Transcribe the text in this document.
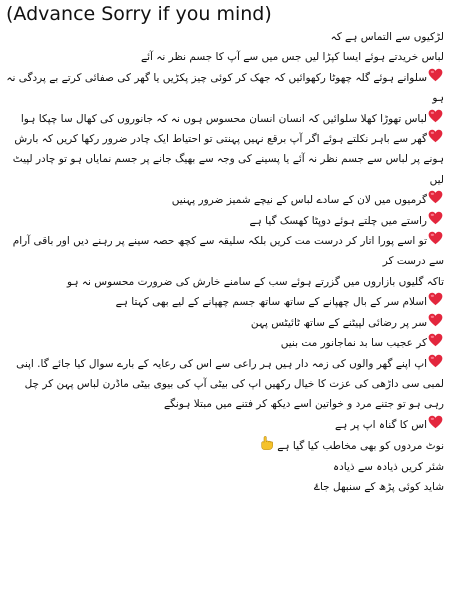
(Advance Sorry if you mind)
لڑکیوں سے التماس ہے کہ
لباس خریدتے ہوئے ایسا کپڑا لیں جس میں سے آپ کا جسم نظر نہ آئے
سلوانے ہوئے گلہ چھوٹا رکھوائیں کہ جھک کر کوئی چیز پکڑیں یا گھر کی صفائی کرتے بے پردگی نہ ہو
لباس تھوڑا کھلا سلوائیں کہ انسان انسان محسوس ہوں نہ کہ جانوروں کی کھال سا چپکا ہوا
گھر سے باہر نکلتے ہوئے اگر آپ برقع نہیں پہنتی تو احتیاط ایک چادر ضرور رکھا کریں کہ بارش ہونے پر لباس سے جسم نظر نہ آئے یا پسینے کی وجہ سے بھیگ جانے پر جسم نمایاں ہو تو چادر لپیٹ لیں
گرمیوں میں لان کے سادے لباس کے نیچے شمیز ضرور پہنیں
راستے میں چلتے ہوئے دوپٹا کھسک گیا ہے
تو اسے پورا اتار کر درست مت کریں بلکہ سلیقہ سے کچھ حصہ سینے پر رہنے دیں اور باقی آرام سے درست کر
تاکہ گلیوں بازاروں میں گزرتے ہوئے سب کے سامنے خارش کی ضرورت محسوس نہ ہو
اسلام سر کے بال چھپانے کے ساتھ ساتھ جسم چھپانے کے لیے بھی کہتا ہے
سر پر رضائی لپیٹنے کے ساتھ ٹائیٹس پہن
کر عجیب سا بد نماجانور مت بنیں
اپ اپنے گھر والوں کی زمہ دار ہیں ہر راعی سے اس کی رعایہ کے بارے سوال کیا جائے گا. اپنی لمبی سی داڑھی کی عزت کا خیال رکھیں اپ کی بیٹی آپ کی بیوی بیٹی ماڈرن لباس پہن کر چل رہی ہو تو جتنے مرد و خواتین اسے دیکھ کر فتنے میں مبتلا ہونگے
اس کا گناہ اپ پر ہے
نوٹ مردوں کو بھی مخاطب کیا گیا ہے
شئر کریں ذیادہ سے ذیادہ
شاید کوئی پڑھ کے سنبھل جاۓ
